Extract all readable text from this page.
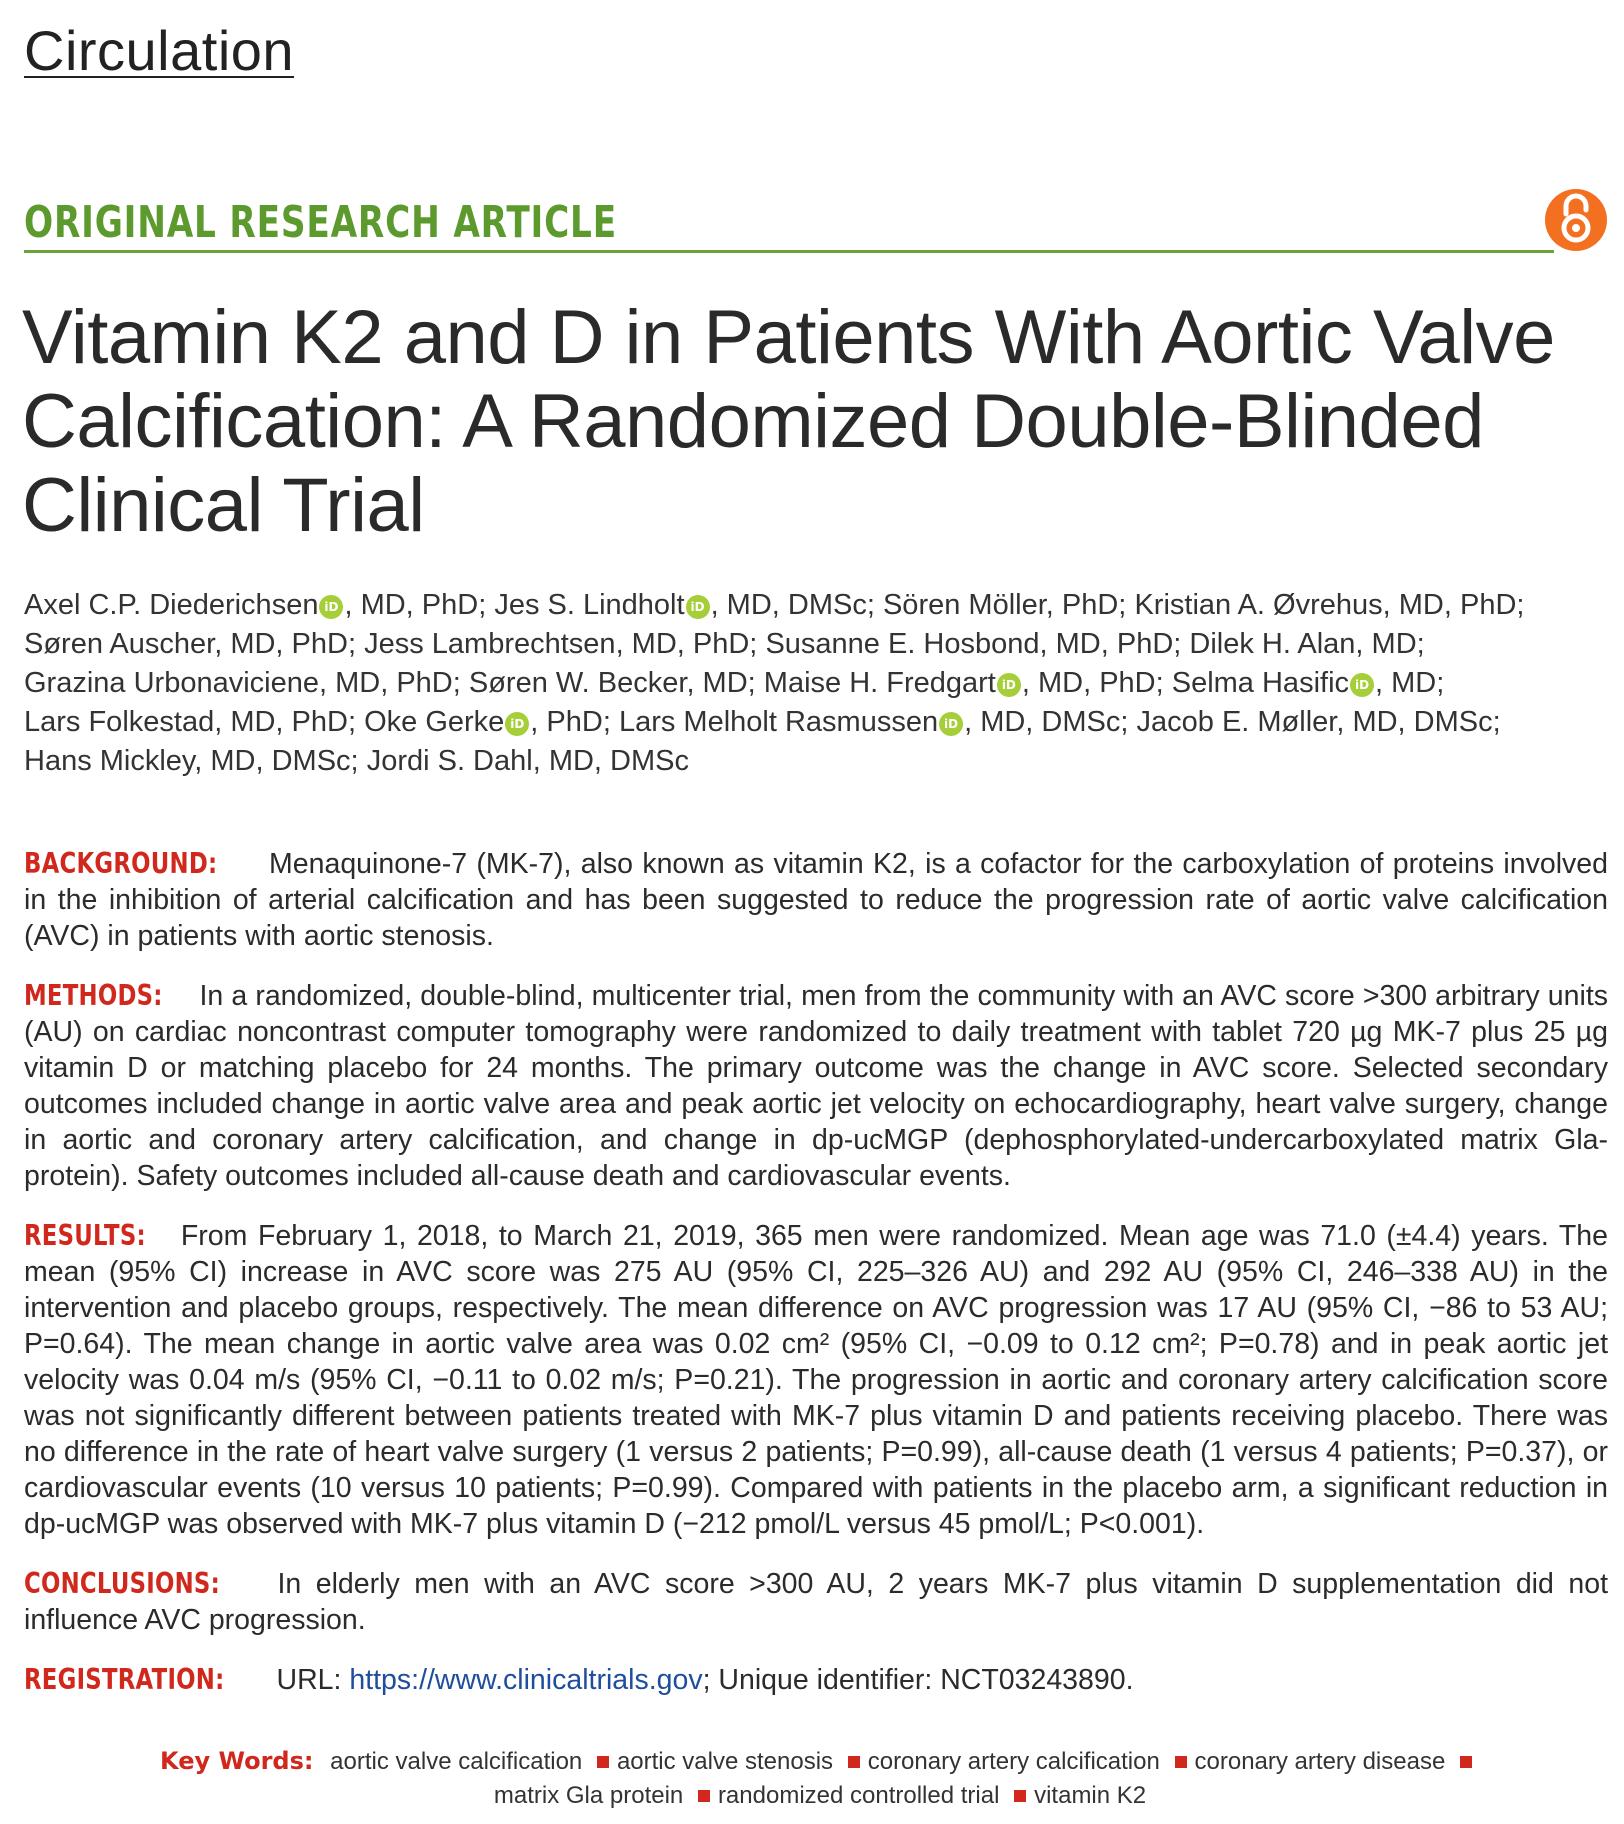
Circulation
ORIGINAL RESEARCH ARTICLE
Vitamin K2 and D in Patients With Aortic Valve Calcification: A Randomized Double-Blinded Clinical Trial
Axel C.P. Diederichsen iD , MD, PhD; Jes S. Lindholt iD , MD, DMSc; Sören Möller, PhD; Kristian A. Øvrehus, MD, PhD; Søren Auscher, MD, PhD; Jess Lambrechtsen, MD, PhD; Susanne E. Hosbond, MD, PhD; Dilek H. Alan, MD; Grazina Urbonaviciene, MD, PhD; Søren W. Becker, MD; Maise H. Fredgart iD , MD, PhD; Selma Hasific iD , MD; Lars Folkestad, MD, PhD; Oke Gerke iD , PhD; Lars Melholt Rasmussen iD , MD, DMSc; Jacob E. Møller, MD, DMSc; Hans Mickley, MD, DMSc; Jordi S. Dahl, MD, DMSc

BACKGROUND: Menaquinone-7 (MK-7), also known as vitamin K2, is a cofactor for the carboxylation of proteins involved in the inhibition of arterial calcification and has been suggested to reduce the progression rate of aortic valve calcification (AVC) in patients with aortic stenosis.

METHODS: In a randomized, double-blind, multicenter trial, men from the community with an AVC score >300 arbitrary units (AU) on cardiac noncontrast computer tomography were randomized to daily treatment with tablet 720 µg MK-7 plus 25 µg vitamin D or matching placebo for 24 months. The primary outcome was the change in AVC score. Selected secondary outcomes included change in aortic valve area and peak aortic jet velocity on echocardiography, heart valve surgery, change in aortic and coronary artery calcification, and change in dp-ucMGP (dephosphorylated-undercarboxylated matrix Gla-protein). Safety outcomes included all-cause death and cardiovascular events.

RESULTS: From February 1, 2018, to March 21, 2019, 365 men were randomized. Mean age was 71.0 (±4.4) years. The mean (95% CI) increase in AVC score was 275 AU (95% CI, 225–326 AU) and 292 AU (95% CI, 246–338 AU) in the intervention and placebo groups, respectively. The mean difference on AVC progression was 17 AU (95% CI, −86 to 53 AU; P=0.64). The mean change in aortic valve area was 0.02 cm² (95% CI, −0.09 to 0.12 cm²; P=0.78) and in peak aortic jet velocity was 0.04 m/s (95% CI, −0.11 to 0.02 m/s; P=0.21). The progression in aortic and coronary artery calcification score was not significantly different between patients treated with MK-7 plus vitamin D and patients receiving placebo. There was no difference in the rate of heart valve surgery (1 versus 2 patients; P=0.99), all-cause death (1 versus 4 patients; P=0.37), or cardiovascular events (10 versus 10 patients; P=0.99). Compared with patients in the placebo arm, a significant reduction in dp-ucMGP was observed with MK-7 plus vitamin D (−212 pmol/L versus 45 pmol/L; P<0.001).

CONCLUSIONS: In elderly men with an AVC score >300 AU, 2 years MK-7 plus vitamin D supplementation did not influence AVC progression.

REGISTRATION: URL: https://www.clinicaltrials.gov; Unique identifier: NCT03243890.

Key Words: aortic valve calcification aortic valve stenosis coronary artery calcification coronary artery disease matrix Gla protein randomized controlled trial vitamin K2
